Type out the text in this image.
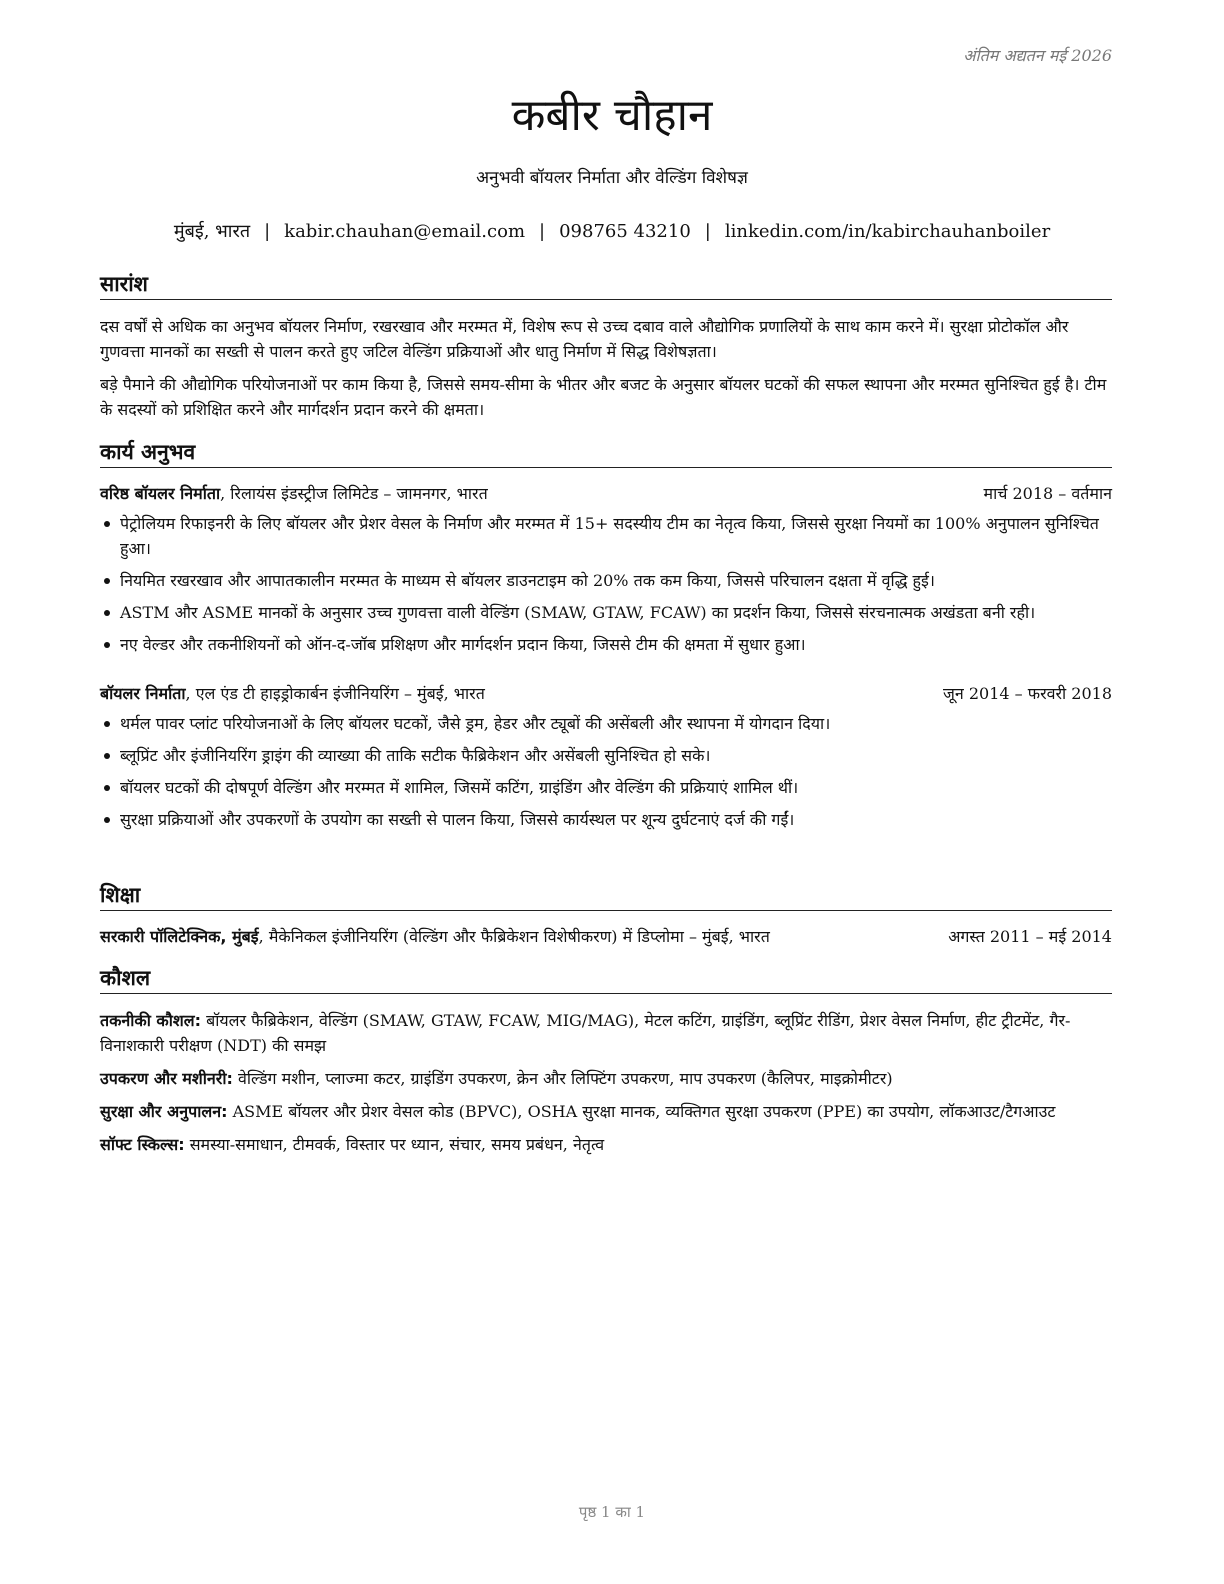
अंतिम अद्यतन मई 2026
कबीर चौहान
अनुभवी बॉयलर निर्माता और वेल्डिंग विशेषज्ञ
मुंबई, भारत | kabir.chauhan@email.com | 098765 43210 | linkedin.com/in/kabirchauhanboiler
सारांश

दस वर्षों से अधिक का अनुभव बॉयलर निर्माण, रखरखाव और मरम्मत में, विशेष रूप से उच्च दबाव वाले औद्योगिक प्रणालियों के साथ काम करने में। सुरक्षा प्रोटोकॉल और गुणवत्ता मानकों का सख्ती से पालन करते हुए जटिल वेल्डिंग प्रक्रियाओं और धातु निर्माण में सिद्ध विशेषज्ञता।

बड़े पैमाने की औद्योगिक परियोजनाओं पर काम किया है, जिससे समय-सीमा के भीतर और बजट के अनुसार बॉयलर घटकों की सफल स्थापना और मरम्मत सुनिश्चित हुई है। टीम के सदस्यों को प्रशिक्षित करने और मार्गदर्शन प्रदान करने की क्षमता।

कार्य अनुभव
वरिष्ठ बॉयलर निर्माता, रिलायंस इंडस्ट्रीज लिमिटेड – जामनगर, भारत	मार्च 2018 – वर्तमान
पेट्रोलियम रिफाइनरी के लिए बॉयलर और प्रेशर वेसल के निर्माण और मरम्मत में 15+ सदस्यीय टीम का नेतृत्व किया, जिससे सुरक्षा नियमों का 100% अनुपालन सुनिश्चित हुआ।
नियमित रखरखाव और आपातकालीन मरम्मत के माध्यम से बॉयलर डाउनटाइम को 20% तक कम किया, जिससे परिचालन दक्षता में वृद्धि हुई।
ASTM और ASME मानकों के अनुसार उच्च गुणवत्ता वाली वेल्डिंग (SMAW, GTAW, FCAW) का प्रदर्शन किया, जिससे संरचनात्मक अखंडता बनी रही।
नए वेल्डर और तकनीशियनों को ऑन-द-जॉब प्रशिक्षण और मार्गदर्शन प्रदान किया, जिससे टीम की क्षमता में सुधार हुआ।
बॉयलर निर्माता, एल एंड टी हाइड्रोकार्बन इंजीनियरिंग – मुंबई, भारत	जून 2014 – फरवरी 2018
थर्मल पावर प्लांट परियोजनाओं के लिए बॉयलर घटकों, जैसे ड्रम, हेडर और ट्यूबों की असेंबली और स्थापना में योगदान दिया।
ब्लूप्रिंट और इंजीनियरिंग ड्राइंग की व्याख्या की ताकि सटीक फैब्रिकेशन और असेंबली सुनिश्चित हो सके।
बॉयलर घटकों की दोषपूर्ण वेल्डिंग और मरम्मत में शामिल, जिसमें कटिंग, ग्राइंडिंग और वेल्डिंग की प्रक्रियाएं शामिल थीं।
सुरक्षा प्रक्रियाओं और उपकरणों के उपयोग का सख्ती से पालन किया, जिससे कार्यस्थल पर शून्य दुर्घटनाएं दर्ज की गईं।
शिक्षा
सरकारी पॉलिटेक्निक, मुंबई, मैकेनिकल इंजीनियरिंग (वेल्डिंग और फैब्रिकेशन विशेषीकरण) में डिप्लोमा – मुंबई, भारत	अगस्त 2011 – मई 2014
कौशल
तकनीकी कौशल: बॉयलर फैब्रिकेशन, वेल्डिंग (SMAW, GTAW, FCAW, MIG/MAG), मेटल कटिंग, ग्राइंडिंग, ब्लूप्रिंट रीडिंग, प्रेशर वेसल निर्माण, हीट ट्रीटमेंट, गैर-विनाशकारी परीक्षण (NDT) की समझ
उपकरण और मशीनरी: वेल्डिंग मशीन, प्लाज्मा कटर, ग्राइंडिंग उपकरण, क्रेन और लिफ्टिंग उपकरण, माप उपकरण (कैलिपर, माइक्रोमीटर)
सुरक्षा और अनुपालन: ASME बॉयलर और प्रेशर वेसल कोड (BPVC), OSHA सुरक्षा मानक, व्यक्तिगत सुरक्षा उपकरण (PPE) का उपयोग, लॉकआउट/टैगआउट
सॉफ्ट स्किल्स: समस्या-समाधान, टीमवर्क, विस्तार पर ध्यान, संचार, समय प्रबंधन, नेतृत्व
पृष्ठ 1 का 1
